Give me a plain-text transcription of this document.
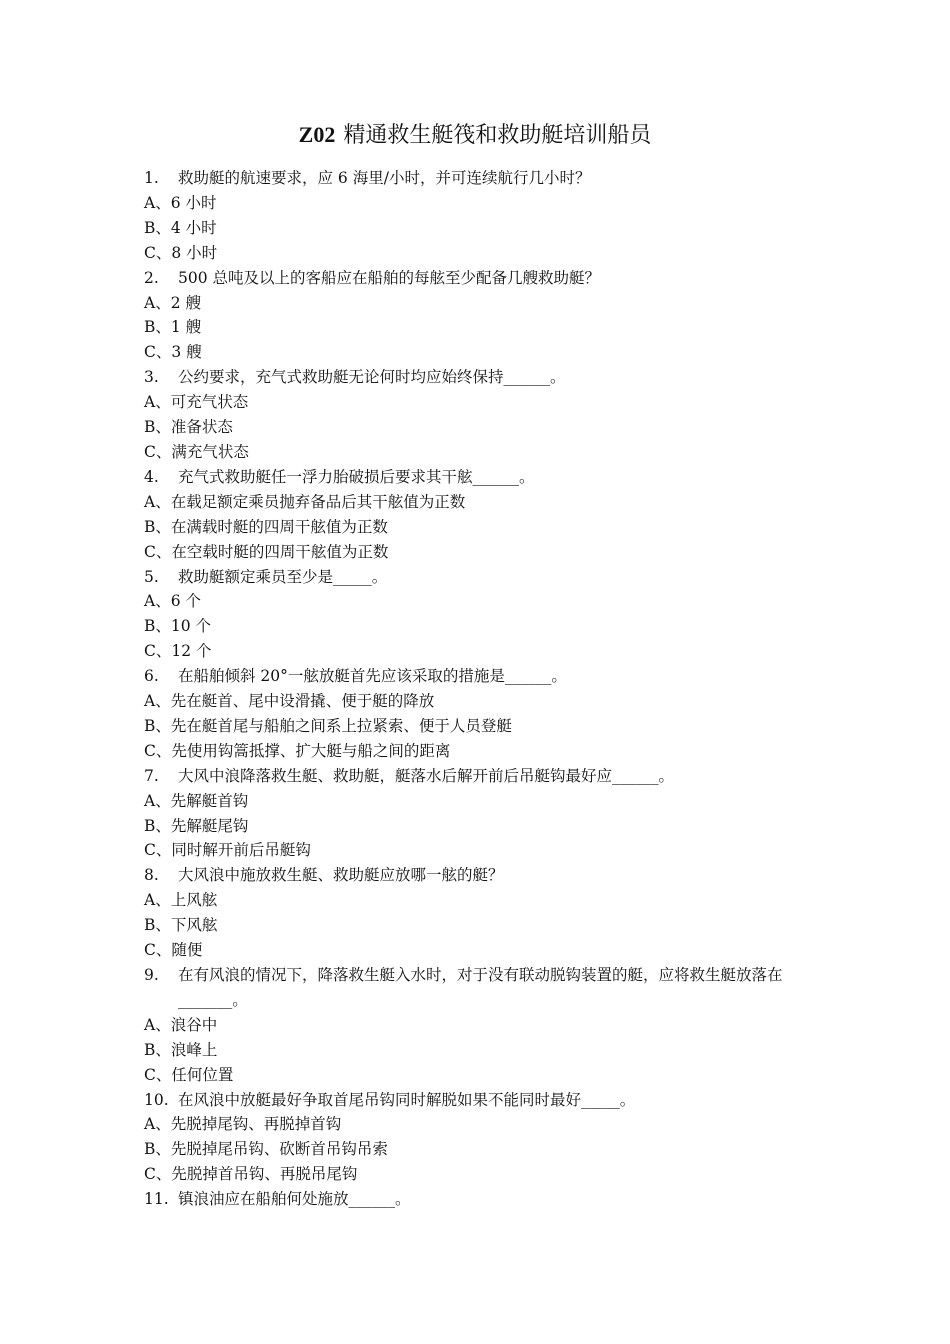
Z02 精通救生艇筏和救助艇培训船员
1.	救助艇的航速要求，应 6 海里/小时，并可连续航行几小时？
A、6 小时
B、4 小时
C、8 小时
2.	500 总吨及以上的客船应在船舶的每舷至少配备几艘救助艇？
A、2 艘
B、1 艘
C、3 艘
3.	公约要求，充气式救助艇无论何时均应始终保持______。
A、可充气状态
B、准备状态
C、满充气状态
4.	充气式救助艇任一浮力胎破损后要求其干舷______。
A、在载足额定乘员抛弃备品后其干舷值为正数
B、在满载时艇的四周干舷值为正数
C、在空载时艇的四周干舷值为正数
5.	救助艇额定乘员至少是_____。
A、6 个
B、10 个
C、12 个
6.	在船舶倾斜 20°一舷放艇首先应该采取的措施是______。
A、先在艇首、尾中设滑撬、便于艇的降放
B、先在艇首尾与船舶之间系上拉紧索、便于人员登艇
C、先使用钩篙抵撑、扩大艇与船之间的距离
7.	大风中浪降落救生艇、救助艇，艇落水后解开前后吊艇钩最好应______。
A、先解艇首钩
B、先解艇尾钩
C、同时解开前后吊艇钩
8.	大风浪中施放救生艇、救助艇应放哪一舷的艇？
A、上风舷
B、下风舷
C、随便
9.	在有风浪的情况下，降落救生艇入水时，对于没有联动脱钩装置的艇，应将救生艇放落在_______。
A、浪谷中
B、浪峰上
C、任何位置
10. 在风浪中放艇最好争取首尾吊钩同时解脱如果不能同时最好_____。
A、先脱掉尾钩、再脱掉首钩
B、先脱掉尾吊钩、砍断首吊钩吊索
C、先脱掉首吊钩、再脱吊尾钩
11. 镇浪油应在船舶何处施放______。
